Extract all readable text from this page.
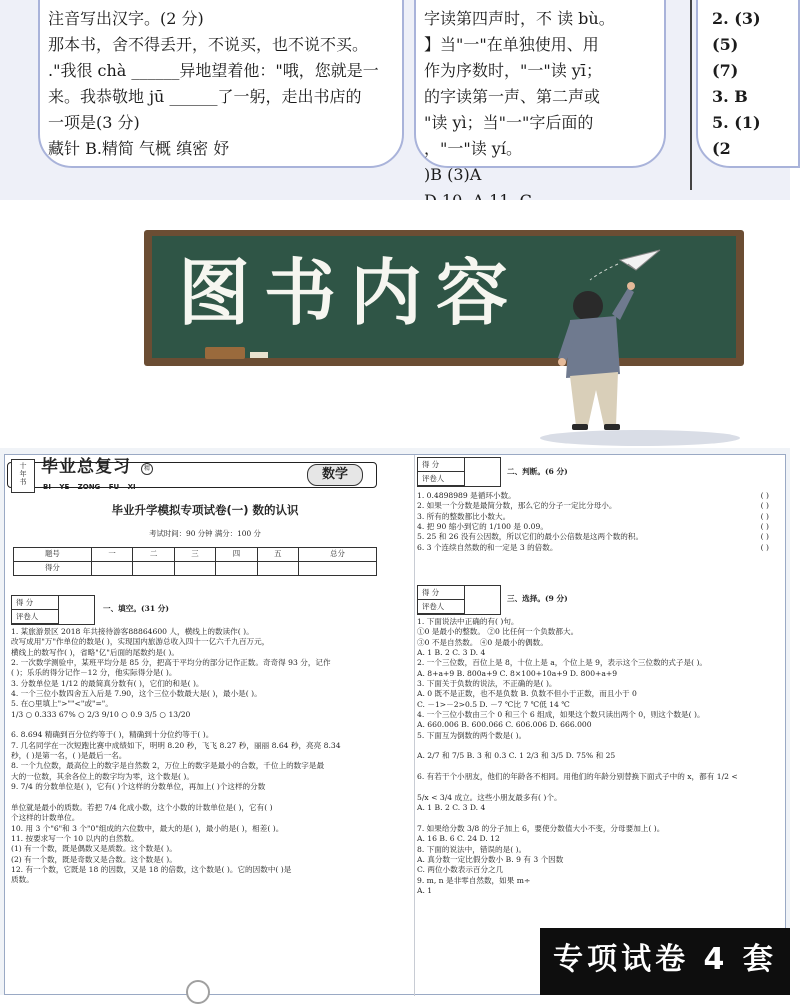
注音写出汉字。(2 分)
那本书，舍不得丢开，不说买，也不说不买。
."我很 chà ______异地望着他："哦，您就是一
来。我恭敬地 jū ______了一躬，走出书店的
一项是(3 分)
藏针 B.精简 气概 缜密 妤
字读第四声时，不 读 bù。
】当"一"在单独使用、用
作为序数时，"一"读 yī；
的字读第一声、第二声或
"读 yì；当"一"字后面的
，"一"读 yí。
)B (3)A
2. (3)
(5)
(7)
3. B
5. (1)
(2
图书内容
十
年
书
毕业总复习	精
BI YE ZONG FU XI
数学
毕业升学模拟专项试卷(一) 数的认识
考试时间：90 分钟 满分：100 分
题号	一	二	三	四	五	总分
得分						
得 分
评卷人
一、填空。(31 分)
1. 某旅游景区 2018 年共接待游客88864600 人，横线上的数读作( )。
改写成用"万"作单位的数是( )，实现国内旅游总收入四十一亿六千九百万元，
横线上的数写作( )，省略"亿"后面的尾数约是( )。
2. 一次数学测验中，某班平均分是 85 分，把高于平均分的部分记作正数。奇奇得 93 分，记作
( )；乐乐的得分记作－12 分，他实际得分是( )。
3. 分数单位是 1/12 的最简真分数有( )，它们的和是( )。
4. 一个三位小数四舍五入后是 7.90，这个三位小数最大是( )，最小是( )。
5. 在○里填上">""<"或"="。
1/3 ○ 0.333 67% ○ 2/3 9/10 ○ 0.9 3/5 ○ 13/20
6. 8.694 精确到百分位约等于( )，精确到十分位约等于( )。
7. 几名同学在一次短跑比赛中成绩如下，明明 8.20 秒，飞飞 8.27 秒，丽丽 8.64 秒，亮亮 8.34
秒，( )是第一名，( )是最后一名。
8. 一个九位数，最高位上的数字是自然数 2，万位上的数字是最小的合数，千位上的数字是最
大的一位数，其余各位上的数字均为零，这个数是( )。
9. 7/4 的分数单位是( )，它有( )个这样的分数单位，再加上( )个这样的分数
单位就是最小的质数。若把 7/4 化成小数，这个小数的计数单位是( )，它有( )
个这样的计数单位。
10. 用 3 个"6"和 3 个"0"组成的六位数中，最大的是( )，最小的是( )，相差( )。
11. 按要求写一个 10 以内的自然数。
(1) 有一个数，既是偶数又是质数。这个数是( )。
(2) 有一个数，既是奇数又是合数。这个数是( )。
12. 有一个数，它既是 18 的因数，又是 18 的倍数，这个数是( )。它的因数中( )是
质数。
得 分
评卷人
二、判断。(6 分)
1. 0.4898989 是循环小数。	( )
2. 如果一个分数是最简分数，那么它的分子一定比分母小。	( )
3. 所有的整数都比小数大。	( )
4. 把 90 缩小到它的 1/100 是 0.09。	( )
5. 25 和 26 没有公因数，所以它们的最小公倍数是这两个数的积。	( )
6. 3 个连续自然数的和一定是 3 的倍数。	( )
得 分
评卷人
三、选择。(9 分)
1. 下面说法中正确的有( )句。
①0 是最小的整数。 ②0 比任何一个负数都大。
③0 不是自然数。 ④0 是最小的偶数。
A. 1 B. 2 C. 3 D. 4
2. 一个三位数，百位上是 8，十位上是 a，个位上是 9，表示这个三位数的式子是( )。
A. 8+a+9 B. 800a+9 C. 8×100+10a+9 D. 800+a+9
3. 下面关于负数的说法，不正确的是( )。
A. 0 既不是正数，也不是负数 B. 负数不但小于正数，而且小于 0
C. －1>－2>0.5 D. －7 ℃比 7 ℃低 14 ℃
4. 一个三位小数由三个 0 和三个 6 组成，如果这个数只读出两个 0，则这个数是( )。
A. 660.006 B. 600.066 C. 606.006 D. 666.000
5. 下面互为倒数的两个数是( )。
A. 2/7 和 7/5 B. 3 和 0.3 C. 1 2/3 和 3/5 D. 75% 和 25
6. 有若干个小朋友，他们的年龄各不相同。用他们的年龄分别替换下面式子中的 x，都有 1/2 <
5/x < 3/4 成立。这些小朋友最多有( )个。
A. 1 B. 2 C. 3 D. 4
7. 如果给分数 3/8 的分子加上 6，要使分数值大小不变，分母要加上( )。
A. 16 B. 6 C. 24 D. 12
8. 下面的说法中，错误的是( )。
A. 真分数一定比假分数小 B. 9 有 3 个因数
C. 两位小数表示百分之几
9. m, n 是非零自然数，如果 m÷
A. 1
专项试卷 4 套
